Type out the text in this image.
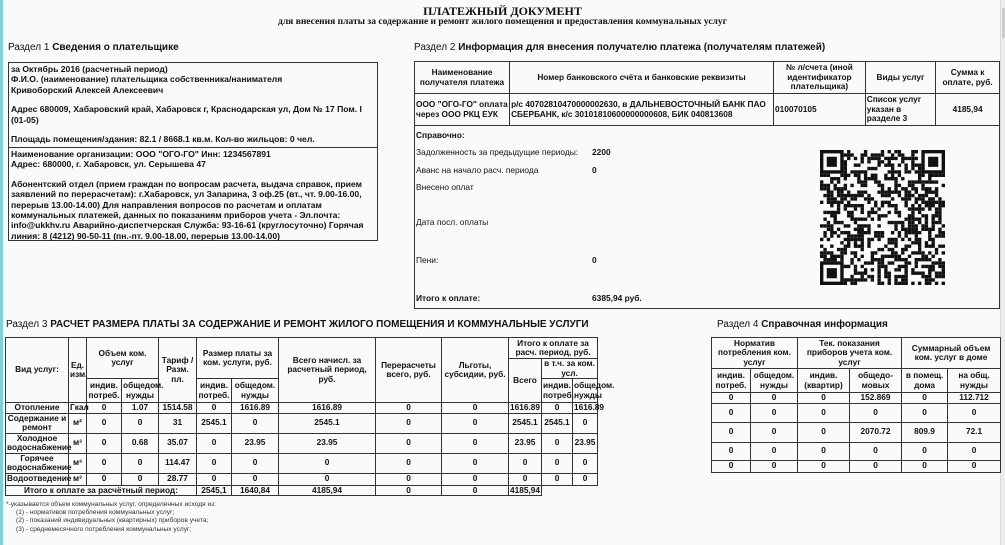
ПЛАТЕЖНЫЙ ДОКУМЕНТ
для внесения платы за содержание и ремонт жилого помещения и предоставления коммунальных услуг
Раздел 1 Сведения о плательщике
за Октябрь 2016 (расчетный период)
Ф.И.О. (наименование) плательщика собственника/нанимателя
Кривоборский Алексей Алексеевич
Адрес 680009, Хабаровский край, Хабаровск г, Краснодарская ул, Дом № 17 Пом. I (01-05)
Площадь помещения/здания: 82.1 / 8668.1 кв.м. Кол-во жильцов: 0 чел.
Наименование организации: ООО "ОГО-ГО" Инн: 1234567891
Адрес: 680000, г. Хабаровск, ул. Серышева 47
Абонентский отдел (прием граждан по вопросам расчета, выдача справок, прием заявлений по перерасчетам): г.Хабаровск, ул Запарина, 3 оф.25 (вт., чт. 9.00-16.00, перерыв 13.00-14.00) Для направления вопросов по расчетам и оплатам коммунальных платежей, данных по показаниям приборов учета - Эл.почта: info@ukkhv.ru Аварийно-диспетчерская Служба: 93-16-61 (круглосуточно) Горячая линия: 8 (4212) 90-50-11 (пн.-пт. 9.00-18.00, перерыв 13.00-14.00)
Раздел 2 Информация для внесения получателю платежа (получателям платежей)
Наименование получателя платежа	Номер банковского счёта и банковские реквизиты	№ л/счета (иной идентификатор плательщика)	Виды услуг	Сумма к оплате, руб.
ООО "ОГО-ГО" оплата через ООО РКЦ ЕУК	р/с 40702810470000002630, в ДАЛЬНЕВОСТОЧНЫЙ БАНК ПАО СБЕРБАНК, к/с 30101810600000000608, БИК 040813608	010070105	Список услуг указан в разделе 3	4185,94

Справочно:
Задолженность за предыдущие периоды: 2200
Аванс на начало расч. периода	0
Внесено оплат
Дата посл. оплаты
Пени:	0
Итого к оплате:	6385,94 руб.
Раздел 3 РАСЧЕТ РАЗМЕРА ПЛАТЫ ЗА СОДЕРЖАНИЕ И РЕМОНТ ЖИЛОГО ПОМЕЩЕНИЯ И КОММУНАЛЬНЫЕ УСЛУГИ
Вид услуг:	Ед. изм.	Объем ком. услуг		Тариф / Разм. пл.	Размер платы за ком. услуги, руб.		Всего начисл. за расчетный период, руб.	Перерасчеты всего, руб.	Льготы, субсидии, руб.	Итого к оплате за расч. период, руб.		
										Всего	в т.ч. за ком. усл.	
		индив. потреб.	общедом. нужды		индив. потреб.	общедом. нужды					индив. потреб.	общедом. нужды
Отопление	Гкал	0	1.07	1514.58	0	1616.89	1616.89	0	0	1616.89	0	1616.89
Содержание и ремонт	м²	0	0	31	2545.1	0	2545.1	0	0	2545.1	2545.1	0
Холодное водоснабжение	м³	0	0.68	35.07	0	23.95	23.95	0	0	23.95	0	23.95
Горячее водоснабжение	м³	0	0	114.47	0	0	0	0	0	0	0	0
Водоотведение	м³	0	0	28.77	0	0	0	0	0	0	0	0
Итого к оплате за расчётный период:					2545,1	1640,84	4185,94	0	0	4185,94		
Раздел 4 Справочная информация
Норматив потребления ком. услуг		Тек. показания приборов учета ком. услуг		Суммарный объем ком. услуг в доме	
индив. потреб.	общедом. нужды	индив. (квартир)	общедо-мовых	в помещ. дома	на общ. нужды
0	0	0	152.869	0	112.712
0	0	0	0	0	0
0	0	0	2070.72	809.9	72.1
0	0	0	0	0	0
0	0	0	0	0	0
*-указывается объем коммунальных услуг, определенных исходя из:
(1) - нормативов потребления коммунальных услуг;
(2) - показаний индивидуальных (квартирных) приборов учета;
(3) - среднемесячного потребления коммунальных услуг;
